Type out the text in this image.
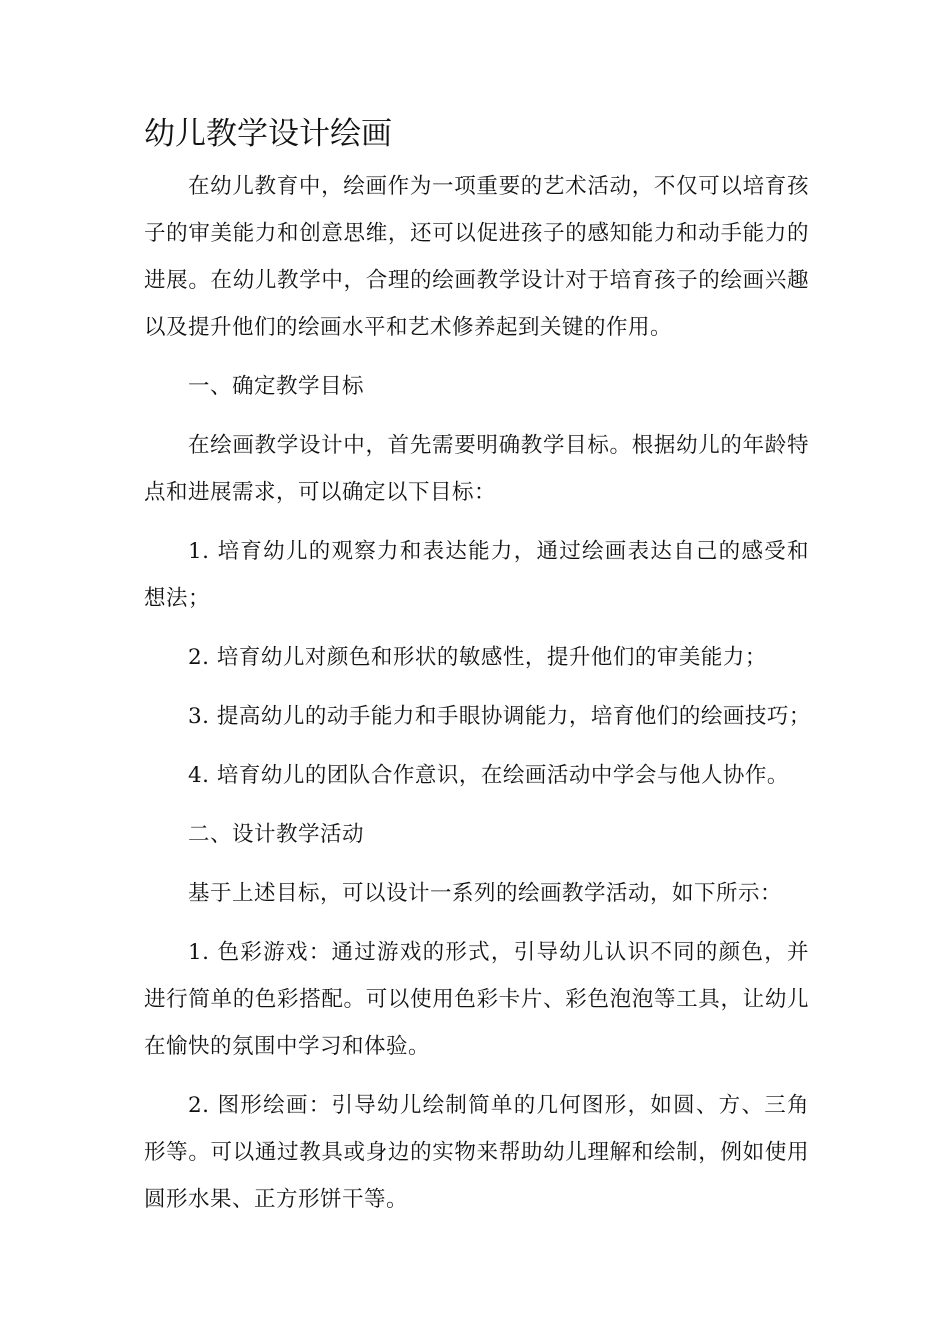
幼儿教学设计绘画

在幼儿教育中，绘画作为一项重要的艺术活动，不仅可以培育孩子的审美能力和创意思维，还可以促进孩子的感知能力和动手能力的进展。在幼儿教学中，合理的绘画教学设计对于培育孩子的绘画兴趣以及提升他们的绘画水平和艺术修养起到关键的作用。

一、确定教学目标

在绘画教学设计中，首先需要明确教学目标。根据幼儿的年龄特点和进展需求，可以确定以下目标：

1. 培育幼儿的观察力和表达能力，通过绘画表达自己的感受和想法；

2. 培育幼儿对颜色和形状的敏感性，提升他们的审美能力；

3. 提高幼儿的动手能力和手眼协调能力，培育他们的绘画技巧；

4. 培育幼儿的团队合作意识，在绘画活动中学会与他人协作。

二、设计教学活动

基于上述目标，可以设计一系列的绘画教学活动，如下所示：

1. 色彩游戏：通过游戏的形式，引导幼儿认识不同的颜色，并进行简单的色彩搭配。可以使用色彩卡片、彩色泡泡等工具，让幼儿在愉快的氛围中学习和体验。

2. 图形绘画：引导幼儿绘制简单的几何图形，如圆、方、三角形等。可以通过教具或身边的实物来帮助幼儿理解和绘制，例如使用圆形水果、正方形饼干等。
